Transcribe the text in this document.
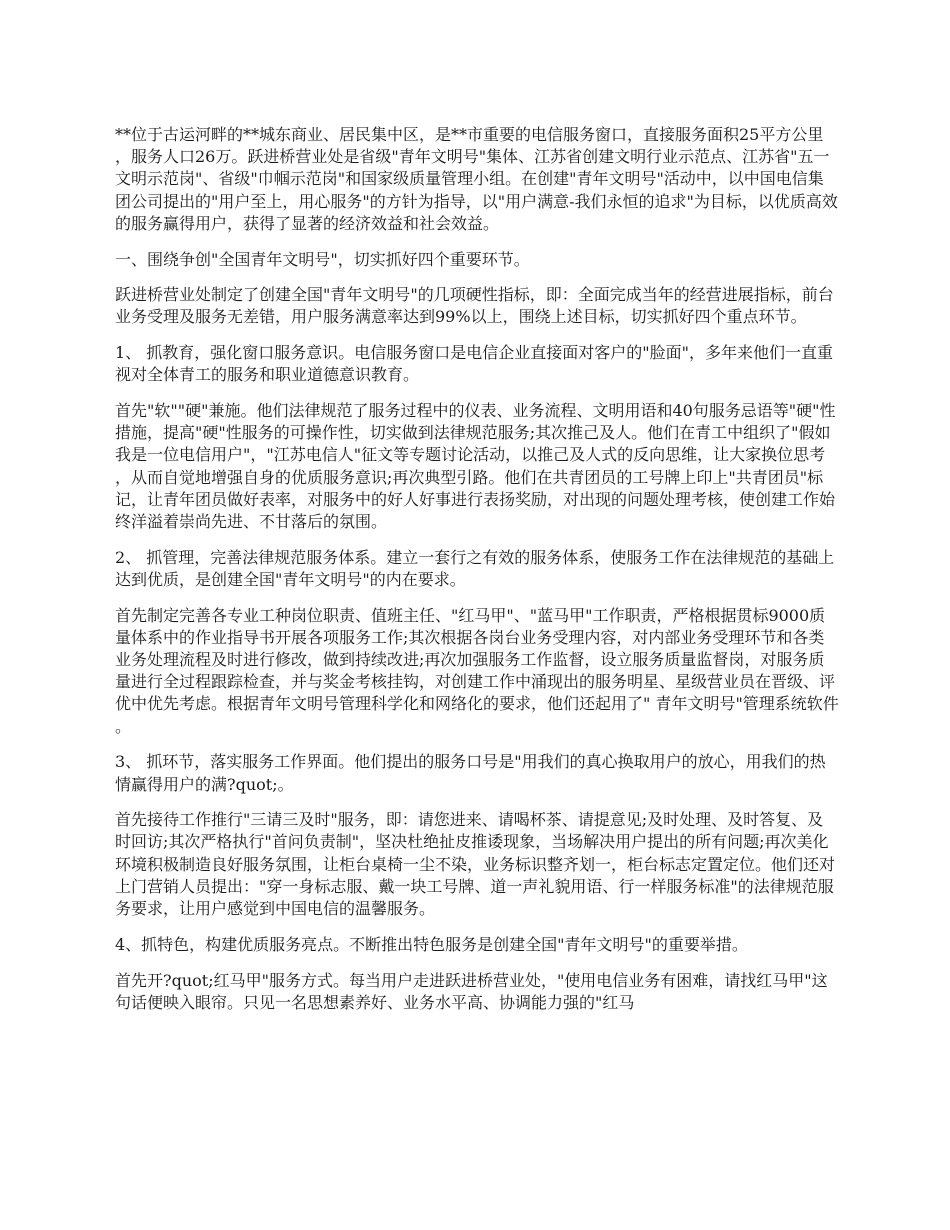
**位于古运河畔的**城东商业、居民集中区，是**市重要的电信服务窗口，直接服务面积25平方公里，服务人口26万。跃进桥营业处是省级"青年文明号"集体、江苏省创建文明行业示范点、江苏省"五一文明示范岗"、省级"巾帼示范岗"和国家级质量管理小组。在创建"青年文明号"活动中，以中国电信集团公司提出的"用户至上，用心服务"的方针为指导，以"用户满意-我们永恒的追求"为目标，以优质高效的服务赢得用户，获得了显著的经济效益和社会效益。

一、围绕争创"全国青年文明号"，切实抓好四个重要环节。

跃进桥营业处制定了创建全国"青年文明号"的几项硬性指标，即：全面完成当年的经营进展指标，前台业务受理及服务无差错，用户服务满意率达到99%以上，围绕上述目标，切实抓好四个重点环节。

1、 抓教育，强化窗口服务意识。电信服务窗口是电信企业直接面对客户的"脸面"，多年来他们一直重视对全体青工的服务和职业道德意识教育。

首先"软""硬"兼施。他们法律规范了服务过程中的仪表、业务流程、文明用语和40句服务忌语等"硬"性措施，提高"硬"性服务的可操作性，切实做到法律规范服务;其次推己及人。他们在青工中组织了"假如我是一位电信用户"，"江苏电信人"征文等专题讨论活动，以推己及人式的反向思维，让大家换位思考，从而自觉地增强自身的优质服务意识;再次典型引路。他们在共青团员的工号牌上印上"共青团员"标记，让青年团员做好表率，对服务中的好人好事进行表扬奖励，对出现的问题处理考核，使创建工作始终洋溢着崇尚先进、不甘落后的氛围。

2、 抓管理，完善法律规范服务体系。建立一套行之有效的服务体系，使服务工作在法律规范的基础上达到优质，是创建全国"青年文明号"的内在要求。

首先制定完善各专业工种岗位职责、值班主任、"红马甲"、"蓝马甲"工作职责，严格根据贯标9000质量体系中的作业指导书开展各项服务工作;其次根据各岗台业务受理内容，对内部业务受理环节和各类业务处理流程及时进行修改，做到持续改进;再次加强服务工作监督，设立服务质量监督岗，对服务质量进行全过程跟踪检查，并与奖金考核挂钩，对创建工作中涌现出的服务明星、星级营业员在晋级、评优中优先考虑。根据青年文明号管理科学化和网络化的要求，他们还起用了" 青年文明号"管理系统软件。

3、 抓环节，落实服务工作界面。他们提出的服务口号是"用我们的真心换取用户的放心，用我们的热情赢得用户的满?quot;。

首先接待工作推行"三请三及时"服务，即：请您进来、请喝杯茶、请提意见;及时处理、及时答复、及时回访;其次严格执行"首问负责制"，坚决杜绝扯皮推诿现象，当场解决用户提出的所有问题;再次美化环境积极制造良好服务氛围，让柜台桌椅一尘不染，业务标识整齐划一，柜台标志定置定位。他们还对上门营销人员提出："穿一身标志服、戴一块工号牌、道一声礼貌用语、行一样服务标准"的法律规范服务要求，让用户感觉到中国电信的温馨服务。

4、抓特色，构建优质服务亮点。不断推出特色服务是创建全国"青年文明号"的重要举措。

首先开?quot;红马甲"服务方式。每当用户走进跃进桥营业处，"使用电信业务有困难，请找红马甲"这句话便映入眼帘。只见一名思想素养好、业务水平高、协调能力强的"红马
